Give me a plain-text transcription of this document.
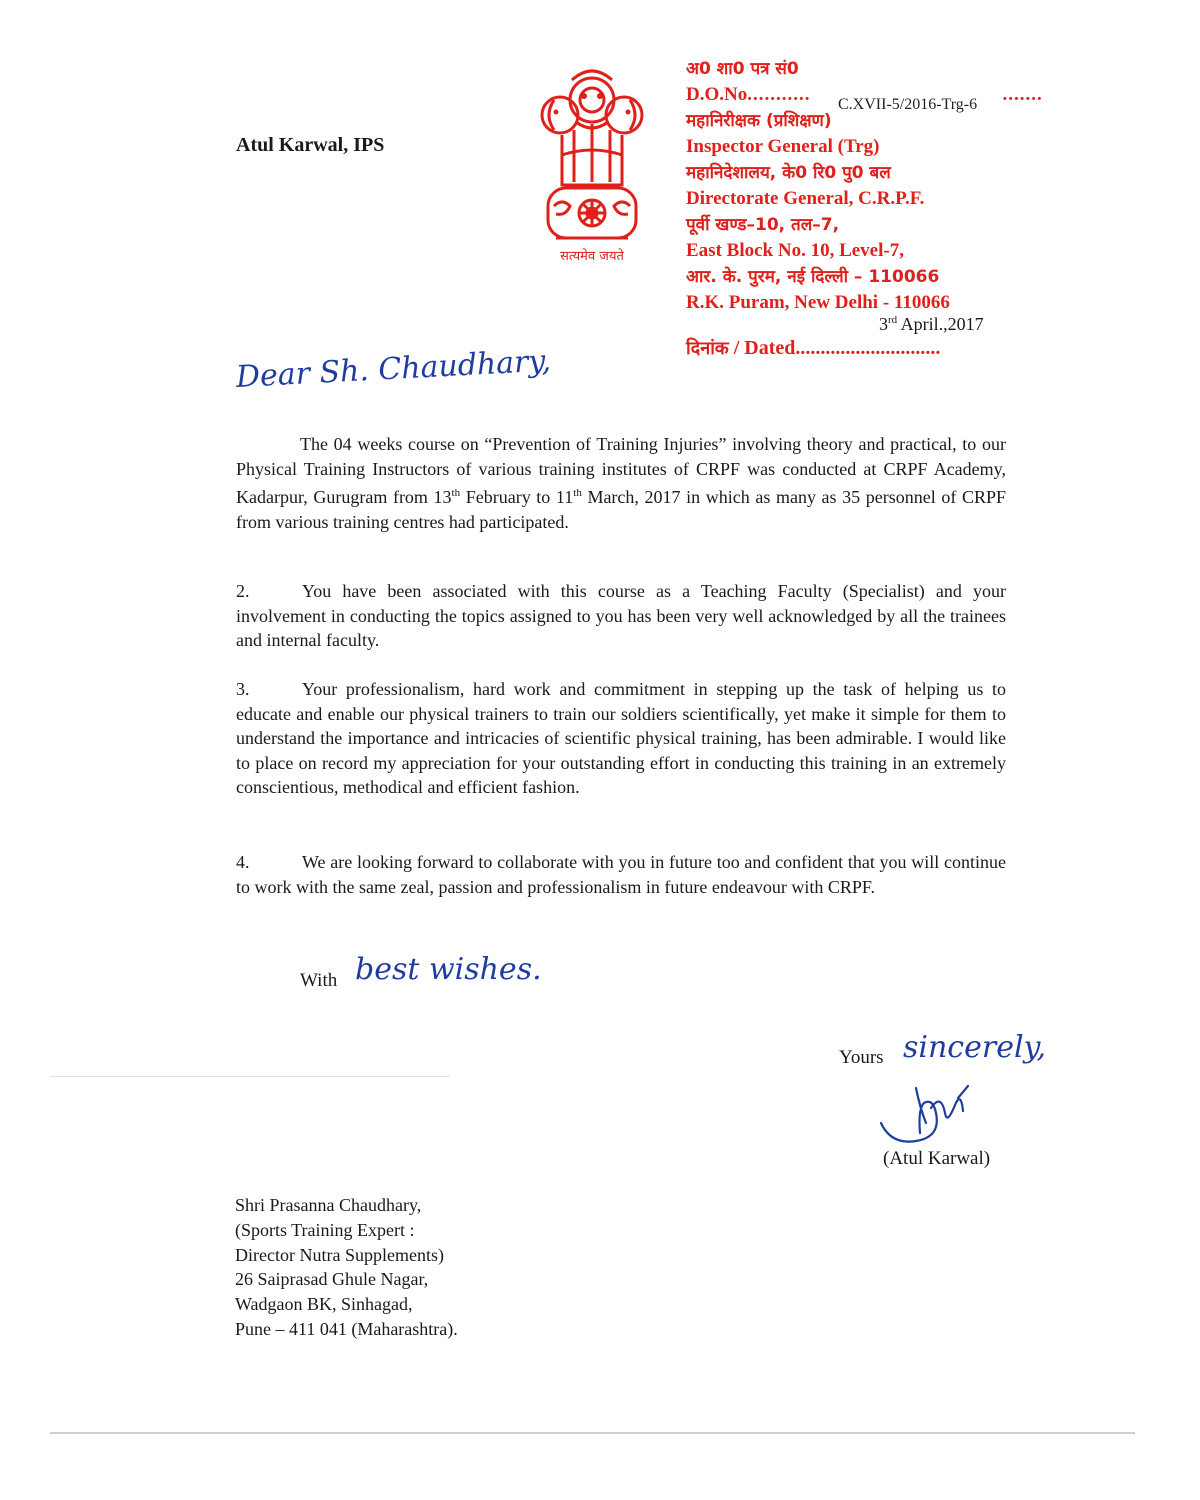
Atul Karwal, IPS
सत्यमेव जयते
अ0 शा0 पत्र सं0
D.O.No...........	.......
C.XVII-5/2016-Trg-6
महानिरीक्षक (प्रशिक्षण)
Inspector General (Trg)
महानिदेशालय, के0 रि0 पु0 बल
Directorate General, C.R.P.F.
पूर्वी खण्ड–10, तल–7,
East Block No. 10, Level-7,
आर. के. पुरम, नई दिल्ली – 110066
R.K. Puram, New Delhi - 110066
3rd April.,2017
दिनांक / Dated.............................
Dear Sh. Chaudhary,
The 04 weeks course on “Prevention of Training Injuries” involving theory and practical, to our Physical Training Instructors of various training institutes of CRPF was conducted at CRPF Academy, Kadarpur, Gurugram from 13th February to 11th March, 2017 in which as many as 35 personnel of CRPF from various training centres had participated.
2.	You have been associated with this course as a Teaching Faculty (Specialist) and your involvement in conducting the topics assigned to you has been very well acknowledged by all the trainees and internal faculty.
3.	Your professionalism, hard work and commitment in stepping up the task of helping us to educate and enable our physical trainers to train our soldiers scientifically, yet make it simple for them to understand the importance and intricacies of scientific physical training, has been admirable. I would like to place on record my appreciation for your outstanding effort in conducting this training in an extremely conscientious, methodical and efficient fashion.
4.	We are looking forward to collaborate with you in future too and confident that you will continue to work with the same zeal, passion and professionalism in future endeavour with CRPF.
With best wishes.
Yours sincerely,
(Atul Karwal)
Shri Prasanna Chaudhary,
(Sports Training Expert :
Director Nutra Supplements)
26 Saiprasad Ghule Nagar,
Wadgaon BK, Sinhagad,
Pune – 411 041 (Maharashtra).
